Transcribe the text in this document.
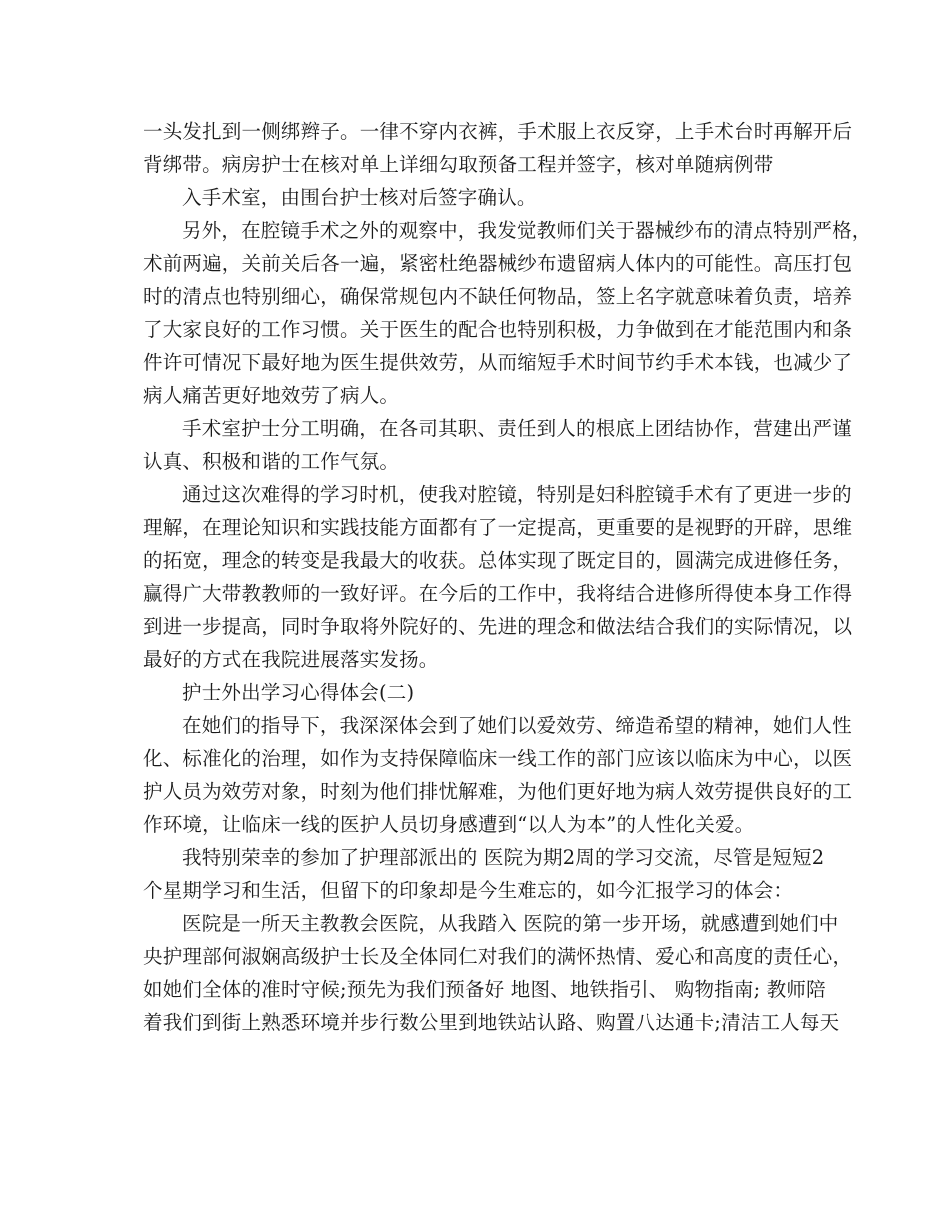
一头发扎到一侧绑辫子。一律不穿内衣裤，手术服上衣反穿，上手术台时再解开后
背绑带。病房护士在核对单上详细勾取预备工程并签字，核对单随病例带
入手术室，由围台护士核对后签字确认。
另外，在腔镜手术之外的观察中，我发觉教师们关于器械纱布的清点特别严格，
术前两遍，关前关后各一遍，紧密杜绝器械纱布遗留病人体内的可能性。高压打包
时的清点也特别细心，确保常规包内不缺任何物品，签上名字就意味着负责，培养
了大家良好的工作习惯。关于医生的配合也特别积极，力争做到在才能范围内和条
件许可情况下最好地为医生提供效劳，从而缩短手术时间节约手术本钱，也减少了
病人痛苦更好地效劳了病人。
手术室护士分工明确，在各司其职、责任到人的根底上团结协作，营建出严谨
认真、积极和谐的工作气氛。
通过这次难得的学习时机，使我对腔镜，特别是妇科腔镜手术有了更进一步的
理解，在理论知识和实践技能方面都有了一定提高，更重要的是视野的开辟，思维
的拓宽，理念的转变是我最大的收获。总体实现了既定目的，圆满完成进修任务，
赢得广大带教教师的一致好评。在今后的工作中，我将结合进修所得使本身工作得
到进一步提高，同时争取将外院好的、先进的理念和做法结合我们的实际情况，以
最好的方式在我院进展落实发扬。
护士外出学习心得体会(二)
在她们的指导下，我深深体会到了她们以爱效劳、缔造希望的精神，她们人性
化、标准化的治理，如作为支持保障临床一线工作的部门应该以临床为中心，以医
护人员为效劳对象，时刻为他们排忧解难，为他们更好地为病人效劳提供良好的工
作环境，让临床一线的医护人员切身感遭到“以人为本”的人性化关爱。
我特别荣幸的参加了护理部派出的 医院为期2周的学习交流，尽管是短短2
个星期学习和生活，但留下的印象却是今生难忘的，如今汇报学习的体会：
医院是一所天主教教会医院，从我踏入 医院的第一步开场，就感遭到她们中
央护理部何淑娴高级护士长及全体同仁对我们的满怀热情、爱心和高度的责任心，
如她们全体的准时守候;预先为我们预备好 地图、地铁指引、 购物指南; 教师陪
着我们到街上熟悉环境并步行数公里到地铁站认路、购置八达通卡;清洁工人每天
